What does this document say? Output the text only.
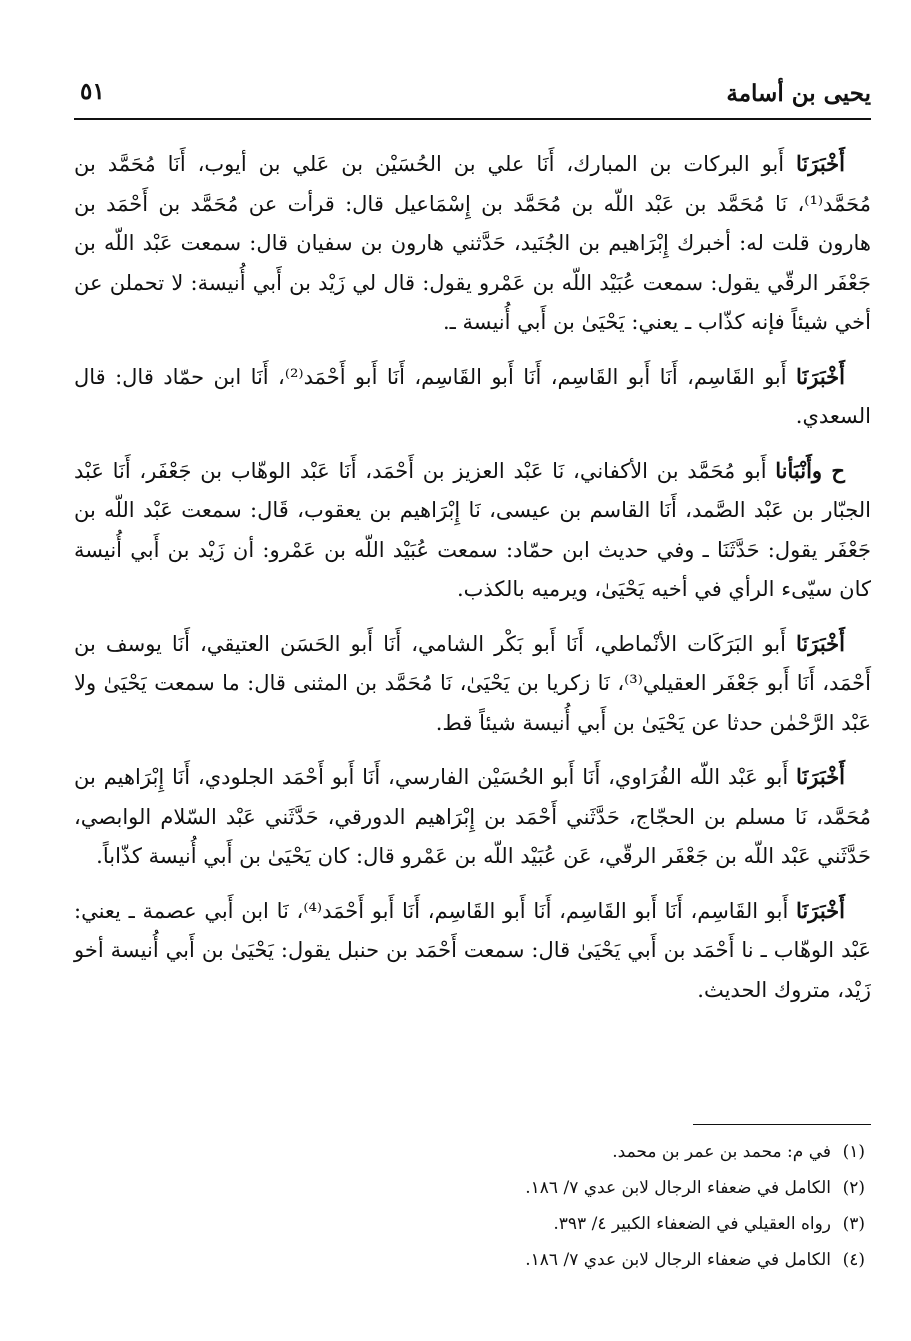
يحيى بن أسامة
٥١

أَخْبَرَنَا أَبو البركات بن المبارك، أَنَا علي بن الحُسَيْن بن عَلي بن أيوب، أَنَا مُحَمَّد بن مُحَمَّد⁽¹⁾، نَا مُحَمَّد بن عَبْد اللّه بن مُحَمَّد بن إِسْمَاعيل قال: قرأت عن مُحَمَّد بن أَحْمَد بن هارون قلت له: أخبرك إِبْرَاهيم بن الجُنَيد، حَدَّثني هارون بن سفيان قال: سمعت عَبْد اللّه بن جَعْفَر الرقّي يقول: سمعت عُبَيْد اللّه بن عَمْرو يقول: قال لي زَيْد بن أَبي أُنيسة: لا تحملن عن أخي شيئاً فإنه كذّاب ـ يعني: يَحْيَىٰ بن أَبي أُنيسة ـ.

أَخْبَرَنَا أَبو القَاسِم، أَنَا أَبو القَاسِم، أَنَا أَبو القَاسِم، أَنَا أَبو أَحْمَد⁽²⁾، أَنَا ابن حمّاد قال: قال السعدي.

ح وأَنْبَأنا أَبو مُحَمَّد بن الأكفاني، نَا عَبْد العزيز بن أَحْمَد، أَنَا عَبْد الوهّاب بن جَعْفَر، أَنَا عَبْد الجبّار بن عَبْد الصَّمد، أَنَا القاسم بن عيسى، نَا إِبْرَاهيم بن يعقوب، قَال: سمعت عَبْد اللّه بن جَعْفَر يقول: حَدَّثَنَا ـ وفي حديث ابن حمّاد: سمعت عُبَيْد اللّه بن عَمْرو: أن زَيْد بن أَبي أُنيسة كان سيّىء الرأي في أخيه يَحْيَىٰ، ويرميه بالكذب.

أَخْبَرَنَا أَبو البَرَكَات الأنْماطي، أَنَا أَبو بَكْر الشامي، أَنَا أَبو الحَسَن العتيقي، أَنَا يوسف بن أَحْمَد، أَنَا أَبو جَعْفَر العقيلي⁽³⁾، نَا زكريا بن يَحْيَىٰ، نَا مُحَمَّد بن المثنى قال: ما سمعت يَحْيَىٰ ولا عَبْد الرَّحْمٰن حدثا عن يَحْيَىٰ بن أَبي أُنيسة شيئاً قط.

أَخْبَرَنَا أَبو عَبْد اللّه الفُرَاوي، أَنَا أَبو الحُسَيْن الفارسي، أَنَا أَبو أَحْمَد الجلودي، أَنَا إِبْرَاهيم بن مُحَمَّد، نَا مسلم بن الحجّاج، حَدَّثَني أَحْمَد بن إِبْرَاهيم الدورقي، حَدَّثَني عَبْد السّلام الوابصي، حَدَّثَني عَبْد اللّه بن جَعْفَر الرقّي، عَن عُبَيْد اللّه بن عَمْرو قال: كان يَحْيَىٰ بن أَبي أُنيسة كذّاباً.

أَخْبَرَنَا أَبو القَاسِم، أَنَا أَبو القَاسِم، أَنَا أَبو القَاسِم، أَنَا أَبو أَحْمَد⁽⁴⁾، نَا ابن أَبي عصمة ـ يعني: عَبْد الوهّاب ـ نا أَحْمَد بن أَبي يَحْيَىٰ قال: سمعت أَحْمَد بن حنبل يقول: يَحْيَىٰ بن أَبي أُنيسة أخو زَيْد، متروك الحديث.

(١)في م: محمد بن عمر بن محمد.
(٢)الكامل في ضعفاء الرجال لابن عدي ٧/ ١٨٦.
(٣)رواه العقيلي في الضعفاء الكبير ٤/ ٣٩٣.
(٤)الكامل في ضعفاء الرجال لابن عدي ٧/ ١٨٦.
